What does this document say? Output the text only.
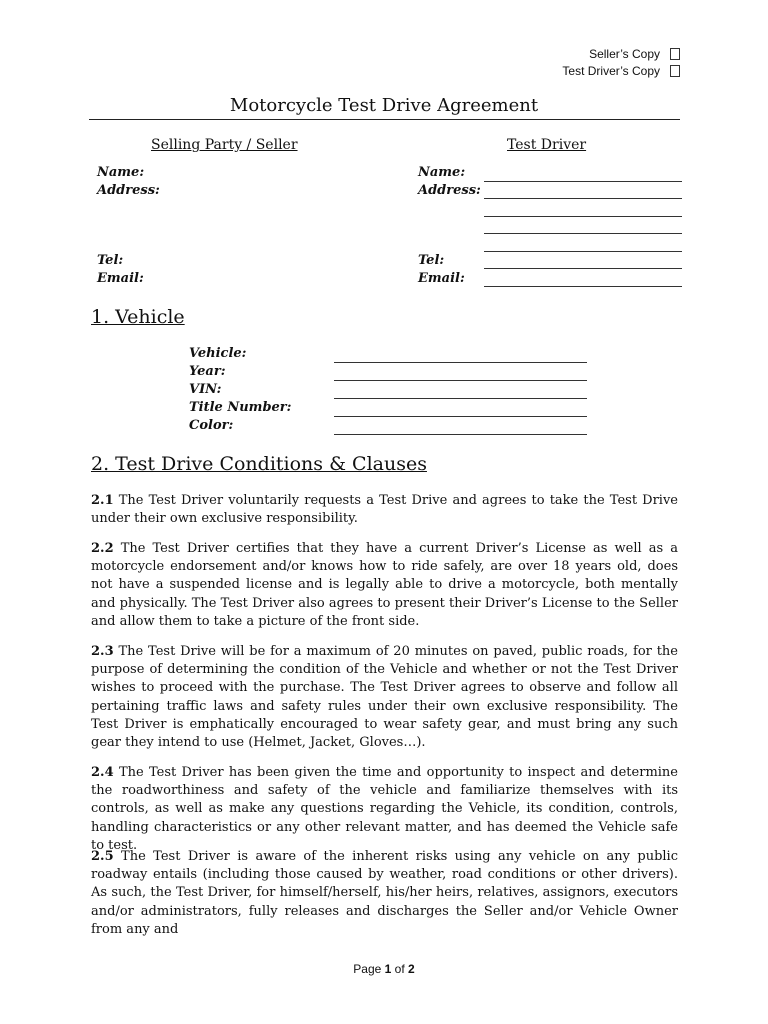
Seller’s Copy
Test Driver’s Copy
Motorcycle Test Drive Agreement
Selling Party / Seller	Test Driver
Name:
Address:
Tel:
Email:
Name:
Address:
Tel:
Email:
1. Vehicle
Vehicle:
Year:
VIN:
Title Number:
Color:
2. Test Drive Conditions & Clauses

2.1 The Test Driver voluntarily requests a Test Drive and agrees to take the Test Drive under their own exclusive responsibility.

2.2 The Test Driver certifies that they have a current Driver’s License as well as a motorcycle endorsement and/or knows how to ride safely, are over 18 years old, does not have a suspended license and is legally able to drive a motorcycle, both mentally and physically. The Test Driver also agrees to present their Driver’s License to the Seller and allow them to take a picture of the front side.

2.3 The Test Drive will be for a maximum of 20 minutes on paved, public roads, for the purpose of determining the condition of the Vehicle and whether or not the Test Driver wishes to proceed with the purchase. The Test Driver agrees to observe and follow all pertaining traffic laws and safety rules under their own exclusive responsibility. The Test Driver is emphatically encouraged to wear safety gear, and must bring any such gear they intend to use (Helmet, Jacket, Gloves…).

2.4 The Test Driver has been given the time and opportunity to inspect and determine the roadworthiness and safety of the vehicle and familiarize themselves with its controls, as well as make any questions regarding the Vehicle, its condition, controls, handling characteristics or any other relevant matter, and has deemed the Vehicle safe to test.

2.5 The Test Driver is aware of the inherent risks using any vehicle on any public roadway entails (including those caused by weather, road conditions or other drivers). As such, the Test Driver, for himself/herself, his/her heirs, relatives, assignors, executors and/or administrators, fully releases and discharges the Seller and/or Vehicle Owner from any and

Page 1 of 2
